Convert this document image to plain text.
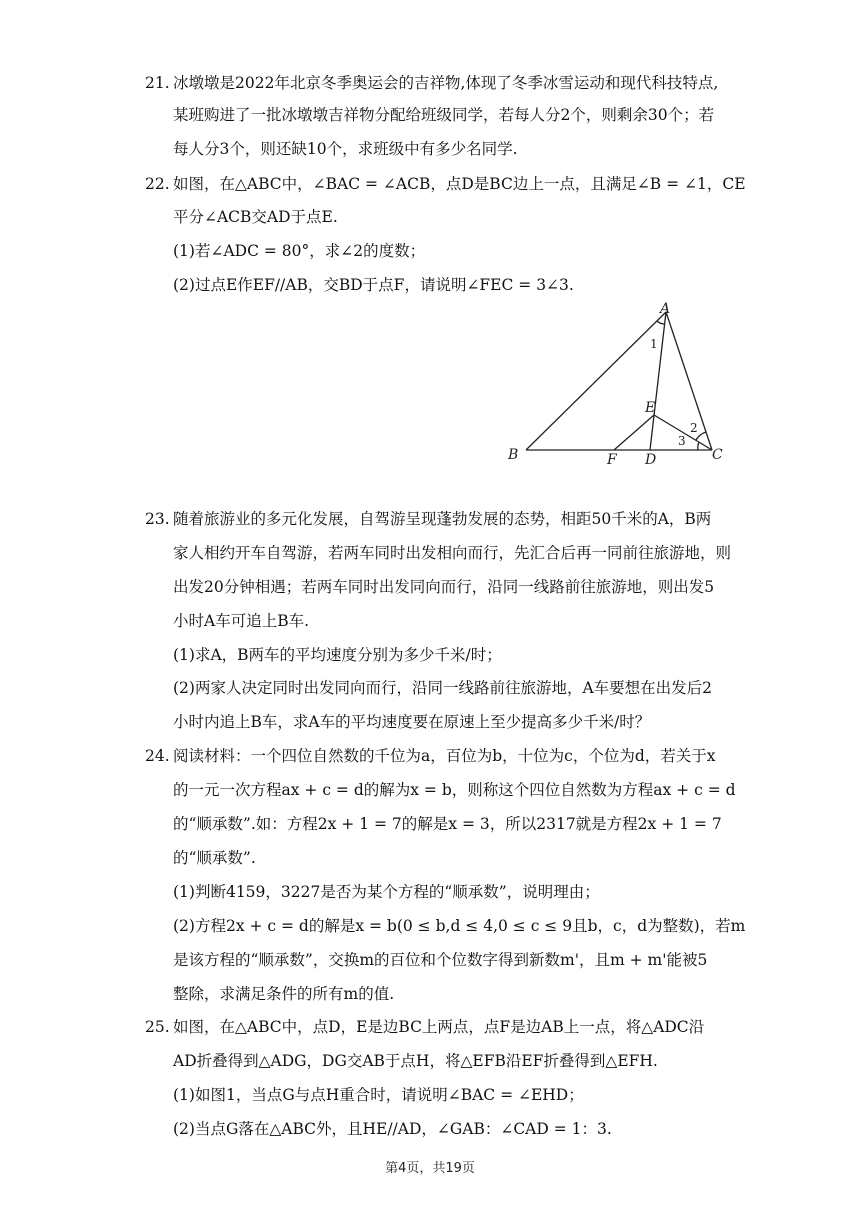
21. 冰墩墩是2022年北京冬季奥运会的吉祥物,体现了冬季冰雪运动和现代科技特点,
某班购进了一批冰墩墩吉祥物分配给班级同学，若每人分2个，则剩余30个；若
每人分3个，则还缺10个，求班级中有多少名同学.
22. 如图，在△ABC中，∠BAC = ∠ACB，点D是BC边上一点，且满足∠B = ∠1，CE
平分∠ACB交AD于点E.
(1)若∠ADC = 80°，求∠2的度数；
(2)过点E作EF//AB，交BD于点F，请说明∠FEC = 3∠3.
A
B	C
D
E
F
1
2
3
23. 随着旅游业的多元化发展，自驾游呈现蓬勃发展的态势，相距50千米的A，B两
家人相约开车自驾游，若两车同时出发相向而行，先汇合后再一同前往旅游地，则
出发20分钟相遇；若两车同时出发同向而行，沿同一线路前往旅游地，则出发5
小时A车可追上B车.
(1)求A，B两车的平均速度分别为多少千米/时；
(2)两家人决定同时出发同向而行，沿同一线路前往旅游地，A车要想在出发后2
小时内追上B车，求A车的平均速度要在原速上至少提高多少千米/时？
24. 阅读材料：一个四位自然数的千位为a，百位为b，十位为c，个位为d，若关于x
的一元一次方程ax + c = d的解为x = b，则称这个四位自然数为方程ax + c = d
的“顺承数”.如：方程2x + 1 = 7的解是x = 3，所以2317就是方程2x + 1 = 7
的“顺承数”.
(1)判断4159，3227是否为某个方程的“顺承数”，说明理由；
(2)方程2x + c = d的解是x = b(0 ≤ b,d ≤ 4,0 ≤ c ≤ 9且b，c，d为整数)，若m
是该方程的“顺承数”，交换m的百位和个位数字得到新数m'，且m + m'能被5
整除，求满足条件的所有m的值.
25. 如图，在△ABC中，点D，E是边BC上两点，点F是边AB上一点，将△ADC沿
AD折叠得到△ADG，DG交AB于点H，将△EFB沿EF折叠得到△EFH.
(1)如图1，当点G与点H重合时，请说明∠BAC = ∠EHD；
(2)当点G落在△ABC外，且HE//AD，∠GAB：∠CAD = 1：3.
第4页，共19页
